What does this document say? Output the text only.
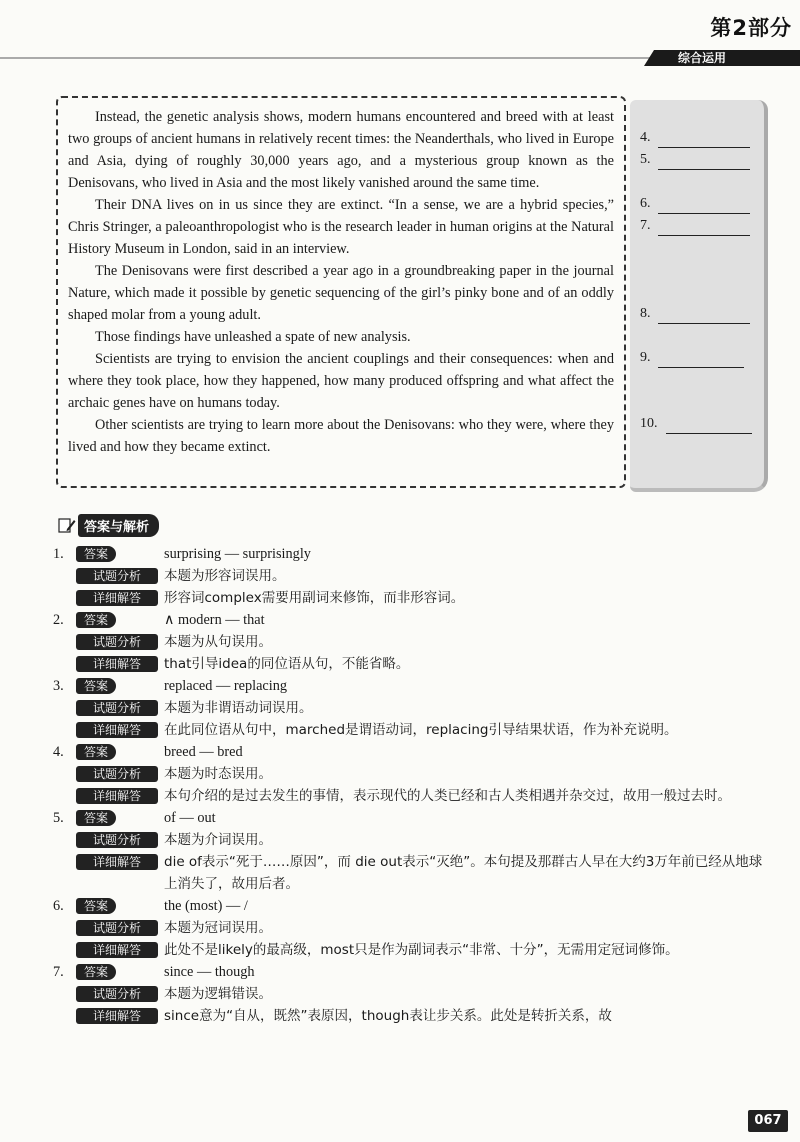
第2部分
综合运用

Instead, the genetic analysis shows, modern humans encountered and breed with at least two groups of ancient humans in relatively recent times: the Neanderthals, who lived in Europe and Asia, dying of roughly 30,000 years ago, and a mysterious group known as the Denisovans, who lived in Asia and the most likely vanished around the same time.

Their DNA lives on in us since they are extinct. “In a sense, we are a hybrid species,” Chris Stringer, a paleoanthropologist who is the research leader in human origins at the Natural History Museum in London, said in an interview.

The Denisovans were first described a year ago in a groundbreaking paper in the journal Nature, which made it possible by genetic sequencing of the girl’s pinky bone and of an oddly shaped molar from a young adult.

Those findings have unleashed a spate of new analysis.

Scientists are trying to envision the ancient couplings and their consequences: when and where they took place, how they happened, how many produced offspring and what affect the archaic genes have on humans today.

Other scientists are trying to learn more about the Denisovans: who they were, where they lived and how they became extinct.

4.
5.
6.
7.
8.
9.
10.
答案与解析
1.	答案	surprising — surprisingly
试题分析	本题为形容词误用。
详细解答	形容词complex需要用副词来修饰，而非形容词。
2.	答案	∧ modern — that
试题分析	本题为从句误用。
详细解答	that引导idea的同位语从句，不能省略。
3.	答案	replaced — replacing
试题分析	本题为非谓语动词误用。
详细解答	在此同位语从句中，marched是谓语动词，replacing引导结果状语，作为补充说明。
4.	答案	breed — bred
试题分析	本题为时态误用。
详细解答	本句介绍的是过去发生的事情，表示现代的人类已经和古人类相遇并杂交过，故用一般过去时。
5.	答案	of — out
试题分析	本题为介词误用。
详细解答	die of表示“死于……原因”，而 die out表示“灭绝”。本句提及那群古人早在大约3万年前已经从地球上消失了，故用后者。
6.	答案	the (most) — /
试题分析	本题为冠词误用。
详细解答	此处不是likely的最高级，most只是作为副词表示“非常、十分”，无需用定冠词修饰。
7.	答案	since — though
试题分析	本题为逻辑错误。
详细解答	since意为“自从，既然”表原因，though表让步关系。此处是转折关系，故
067
